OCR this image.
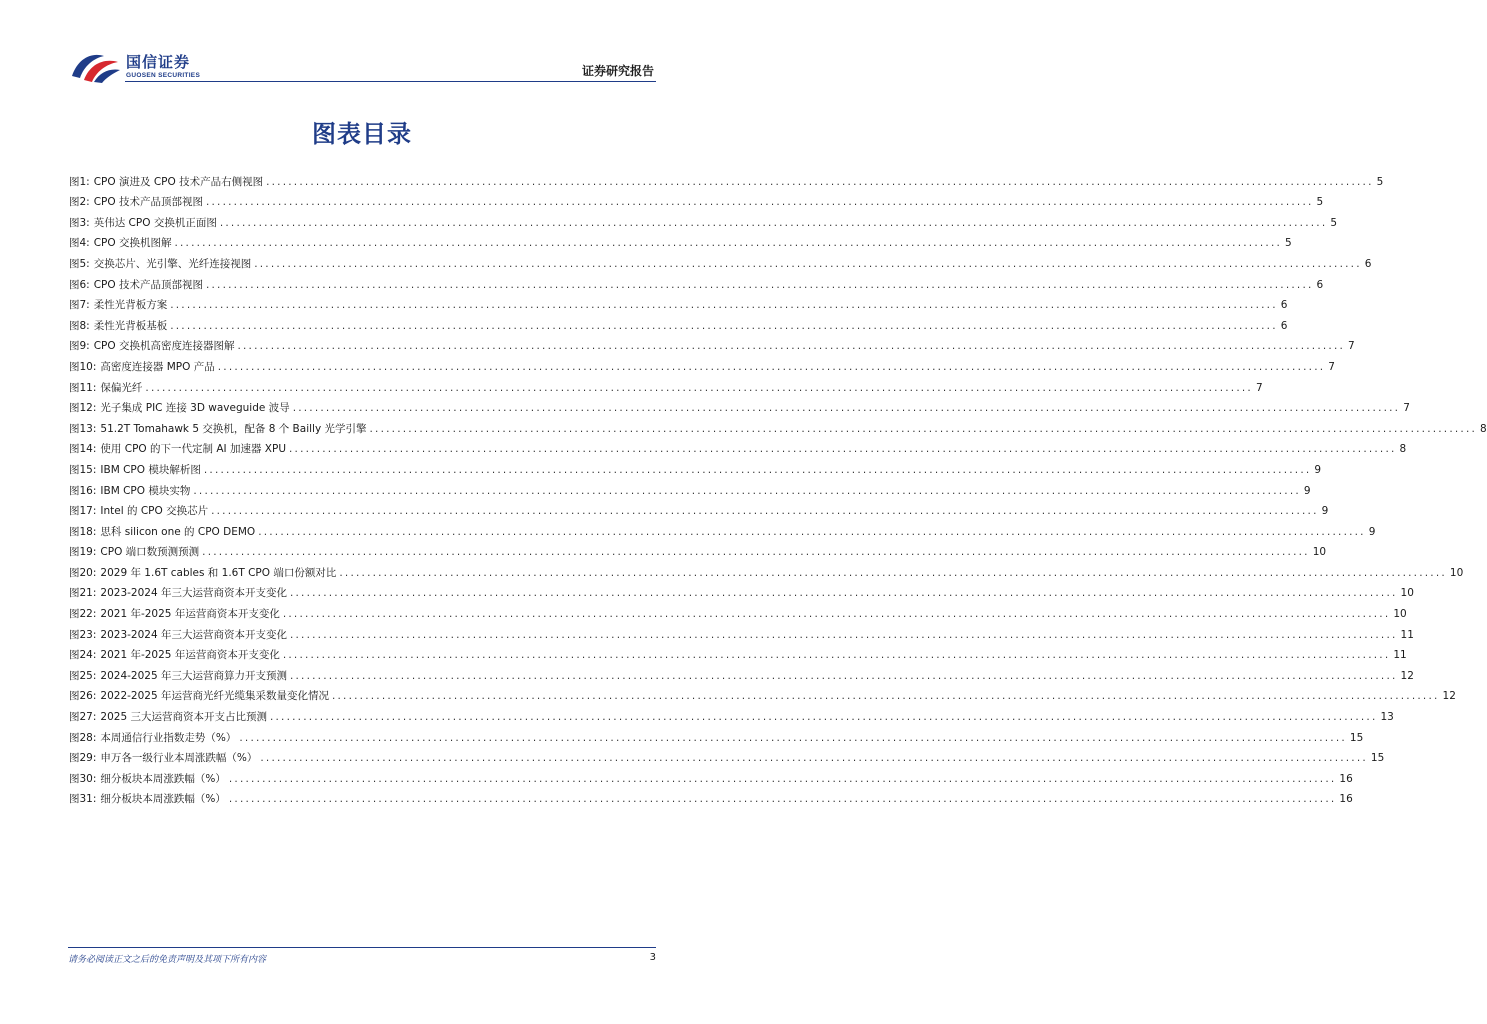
国信证券
GUOSEN SECURITIES	证券研究报告
图表目录
图1: CPO 演进及 CPO 技术产品右侧视图 ........................................................................................................................................................................................................ 5
图2: CPO 技术产品顶部视图 ........................................................................................................................................................................................................ 5
图3: 英伟达 CPO 交换机正面图 ........................................................................................................................................................................................................ 5
图4: CPO 交换机图解 ........................................................................................................................................................................................................ 5
图5: 交换芯片、光引擎、光纤连接视图 ........................................................................................................................................................................................................ 6
图6: CPO 技术产品顶部视图 ........................................................................................................................................................................................................ 6
图7: 柔性光背板方案 ........................................................................................................................................................................................................ 6
图8: 柔性光背板基板 ........................................................................................................................................................................................................ 6
图9: CPO 交换机高密度连接器图解 ........................................................................................................................................................................................................ 7
图10: 高密度连接器 MPO 产品 ........................................................................................................................................................................................................ 7
图11: 保偏光纤 ........................................................................................................................................................................................................ 7
图12: 光子集成 PIC 连接 3D waveguide 波导 ........................................................................................................................................................................................................ 7
图13: 51.2T Tomahawk 5 交换机，配备 8 个 Bailly 光学引擎 ........................................................................................................................................................................................................ 8
图14: 使用 CPO 的下一代定制 AI 加速器 XPU ........................................................................................................................................................................................................ 8
图15: IBM CPO 模块解析图 ........................................................................................................................................................................................................ 9
图16: IBM CPO 模块实物 ........................................................................................................................................................................................................ 9
图17: Intel 的 CPO 交换芯片 ........................................................................................................................................................................................................ 9
图18: 思科 silicon one 的 CPO DEMO ........................................................................................................................................................................................................ 9
图19: CPO 端口数预测预测 ........................................................................................................................................................................................................ 10
图20: 2029 年 1.6T cables 和 1.6T CPO 端口份额对比 ........................................................................................................................................................................................................ 10
图21: 2023-2024 年三大运营商资本开支变化 ........................................................................................................................................................................................................ 10
图22: 2021 年-2025 年运营商资本开支变化 ........................................................................................................................................................................................................ 10
图23: 2023-2024 年三大运营商资本开支变化 ........................................................................................................................................................................................................ 11
图24: 2021 年-2025 年运营商资本开支变化 ........................................................................................................................................................................................................ 11
图25: 2024-2025 年三大运营商算力开支预测 ........................................................................................................................................................................................................ 12
图26: 2022-2025 年运营商光纤光缆集采数量变化情况 ........................................................................................................................................................................................................ 12
图27: 2025 三大运营商资本开支占比预测 ........................................................................................................................................................................................................ 13
图28: 本周通信行业指数走势（%） ........................................................................................................................................................................................................ 15
图29: 申万各一级行业本周涨跌幅（%） ........................................................................................................................................................................................................ 15
图30: 细分板块本周涨跌幅（%） ........................................................................................................................................................................................................ 16
图31: 细分板块本周涨跌幅（%） ........................................................................................................................................................................................................ 16
请务必阅读正文之后的免责声明及其项下所有内容	3
